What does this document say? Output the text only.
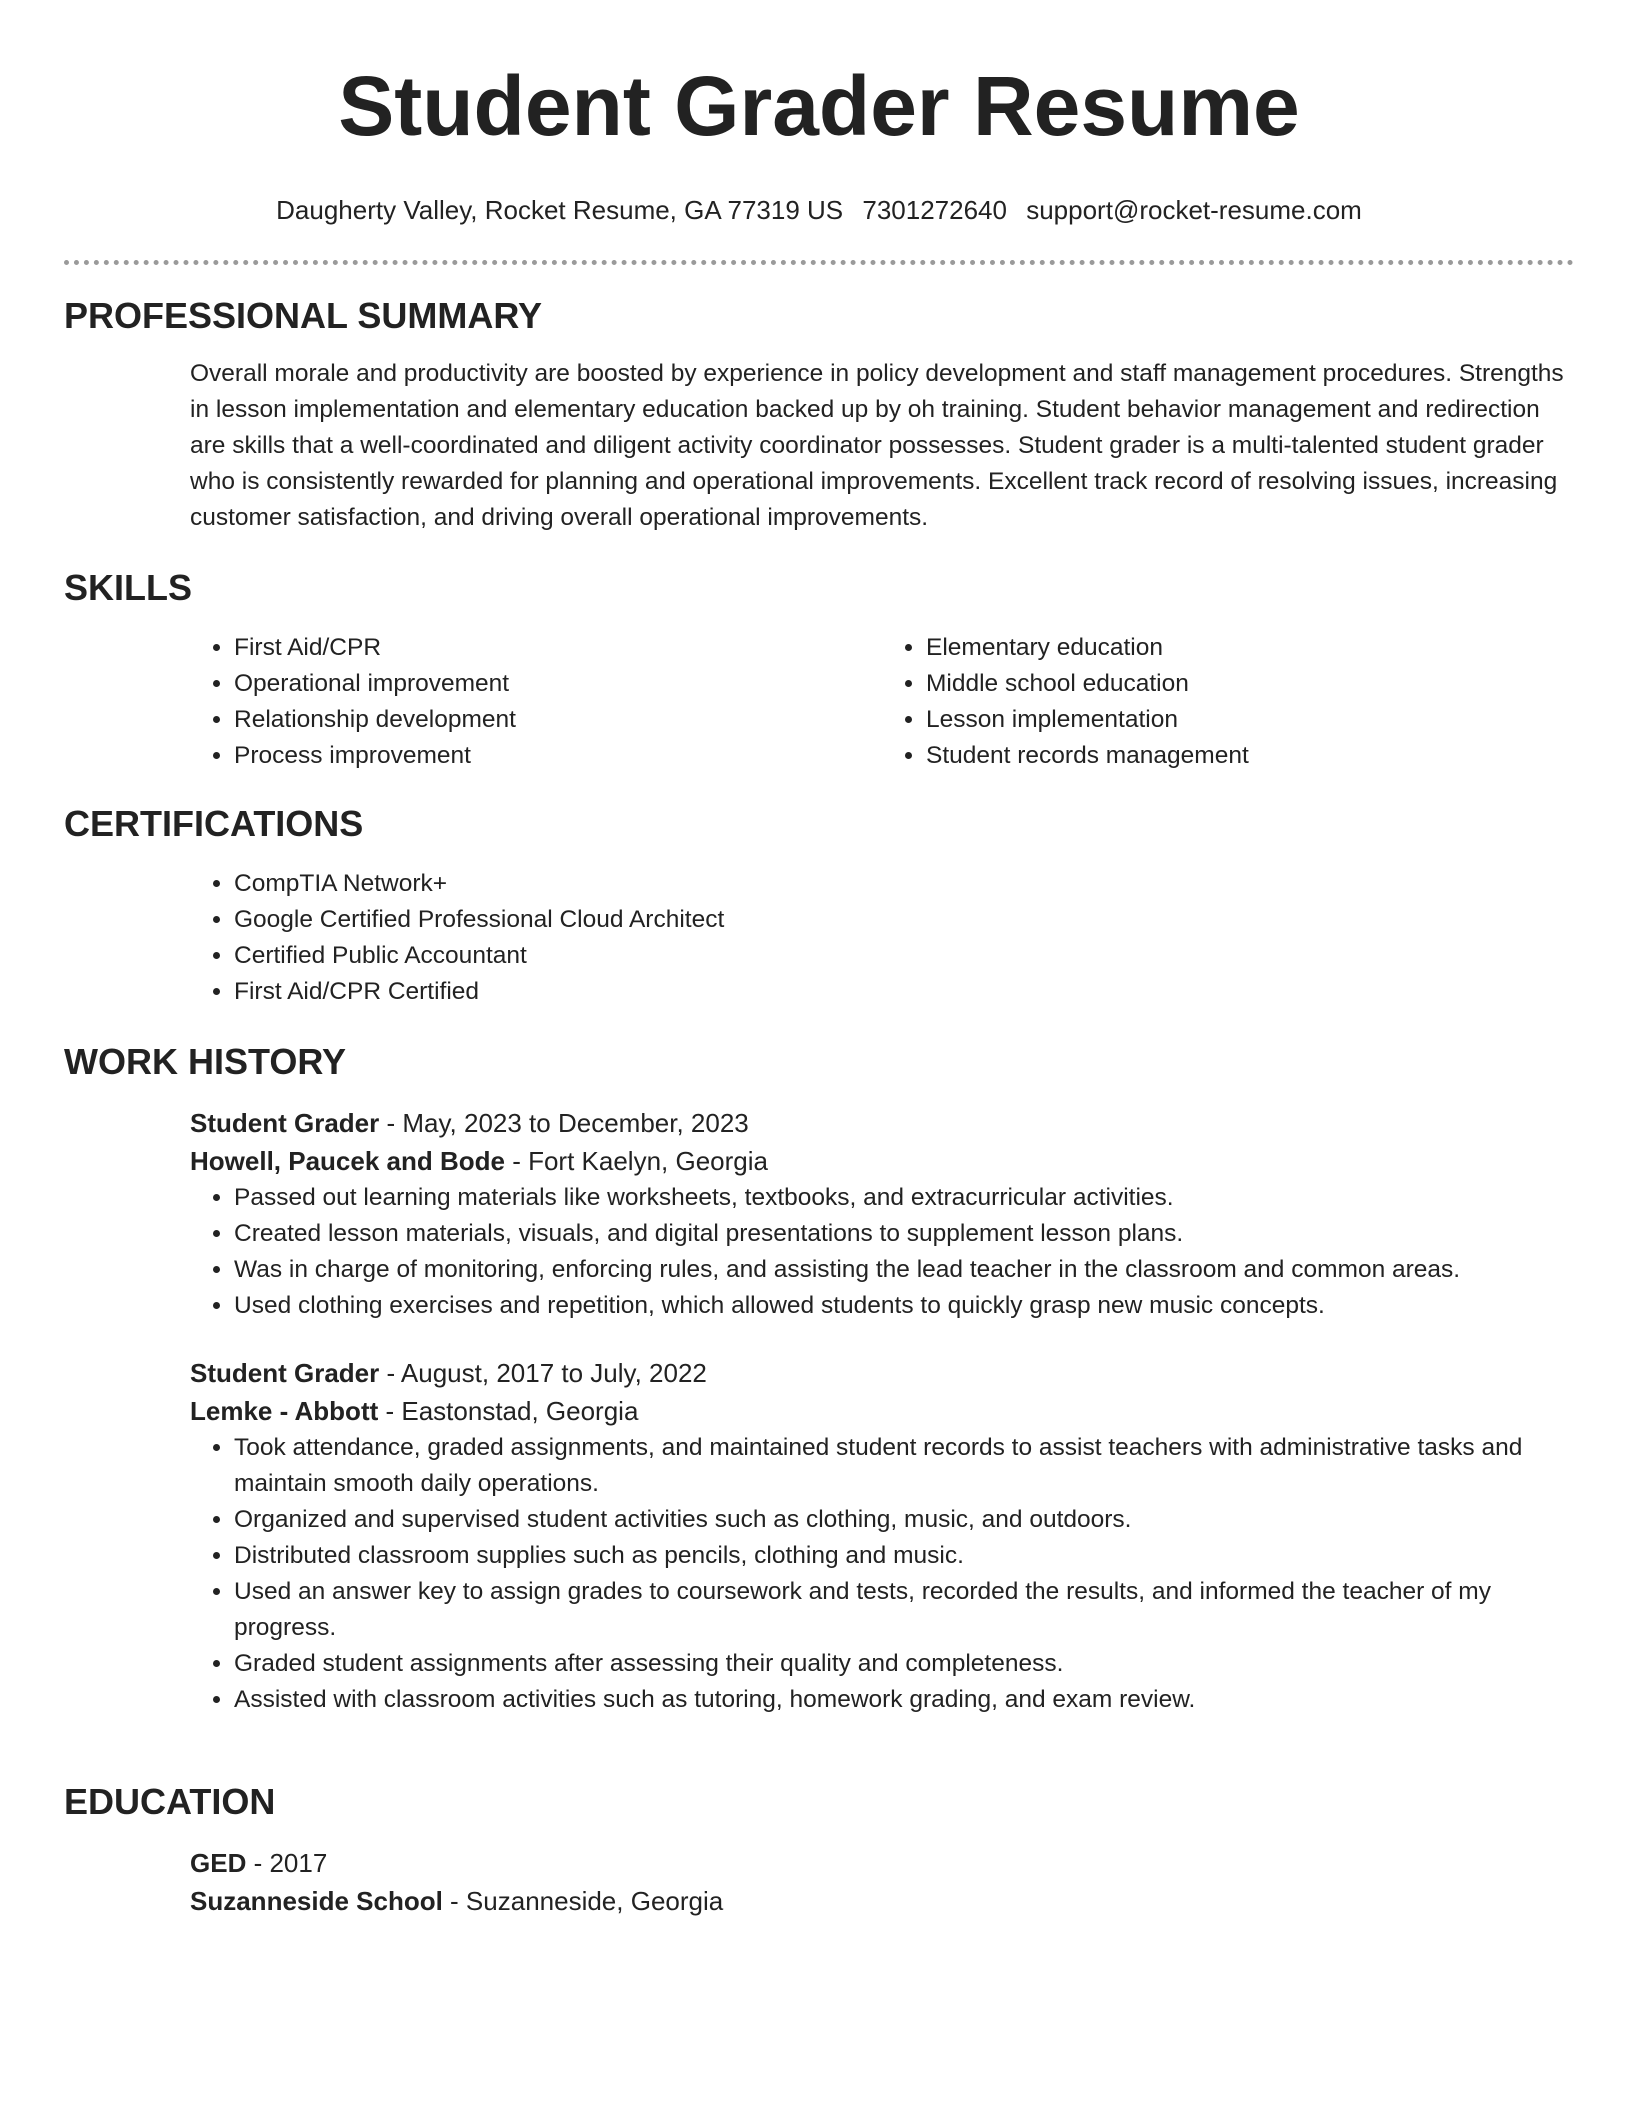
Student Grader Resume
Daugherty Valley, Rocket Resume, GA 77319 US 7301272640 support@rocket-resume.com
PROFESSIONAL SUMMARY
Overall morale and productivity are boosted by experience in policy development and staff management procedures. Strengths in lesson implementation and elementary education backed up by oh training. Student behavior management and redirection are skills that a well-coordinated and diligent activity coordinator possesses. Student grader is a multi-talented student grader who is consistently rewarded for planning and operational improvements. Excellent track record of resolving issues, increasing customer satisfaction, and driving overall operational improvements.
SKILLS
• First Aid/CPR
• Operational improvement
• Relationship development
• Process improvement
• Elementary education
• Middle school education
• Lesson implementation
• Student records management
CERTIFICATIONS
• CompTIA Network+
• Google Certified Professional Cloud Architect
• Certified Public Accountant
• First Aid/CPR Certified
WORK HISTORY
Student Grader - May, 2023 to December, 2023
Howell, Paucek and Bode - Fort Kaelyn, Georgia
• Passed out learning materials like worksheets, textbooks, and extracurricular activities.
• Created lesson materials, visuals, and digital presentations to supplement lesson plans.
• Was in charge of monitoring, enforcing rules, and assisting the lead teacher in the classroom and common areas.
• Used clothing exercises and repetition, which allowed students to quickly grasp new music concepts.
Student Grader - August, 2017 to July, 2022
Lemke - Abbott - Eastonstad, Georgia
• Took attendance, graded assignments, and maintained student records to assist teachers with administrative tasks and maintain smooth daily operations.
• Organized and supervised student activities such as clothing, music, and outdoors.
• Distributed classroom supplies such as pencils, clothing and music.
• Used an answer key to assign grades to coursework and tests, recorded the results, and informed the teacher of my progress.
• Graded student assignments after assessing their quality and completeness.
• Assisted with classroom activities such as tutoring, homework grading, and exam review.
EDUCATION
GED - 2017
Suzanneside School - Suzanneside, Georgia
